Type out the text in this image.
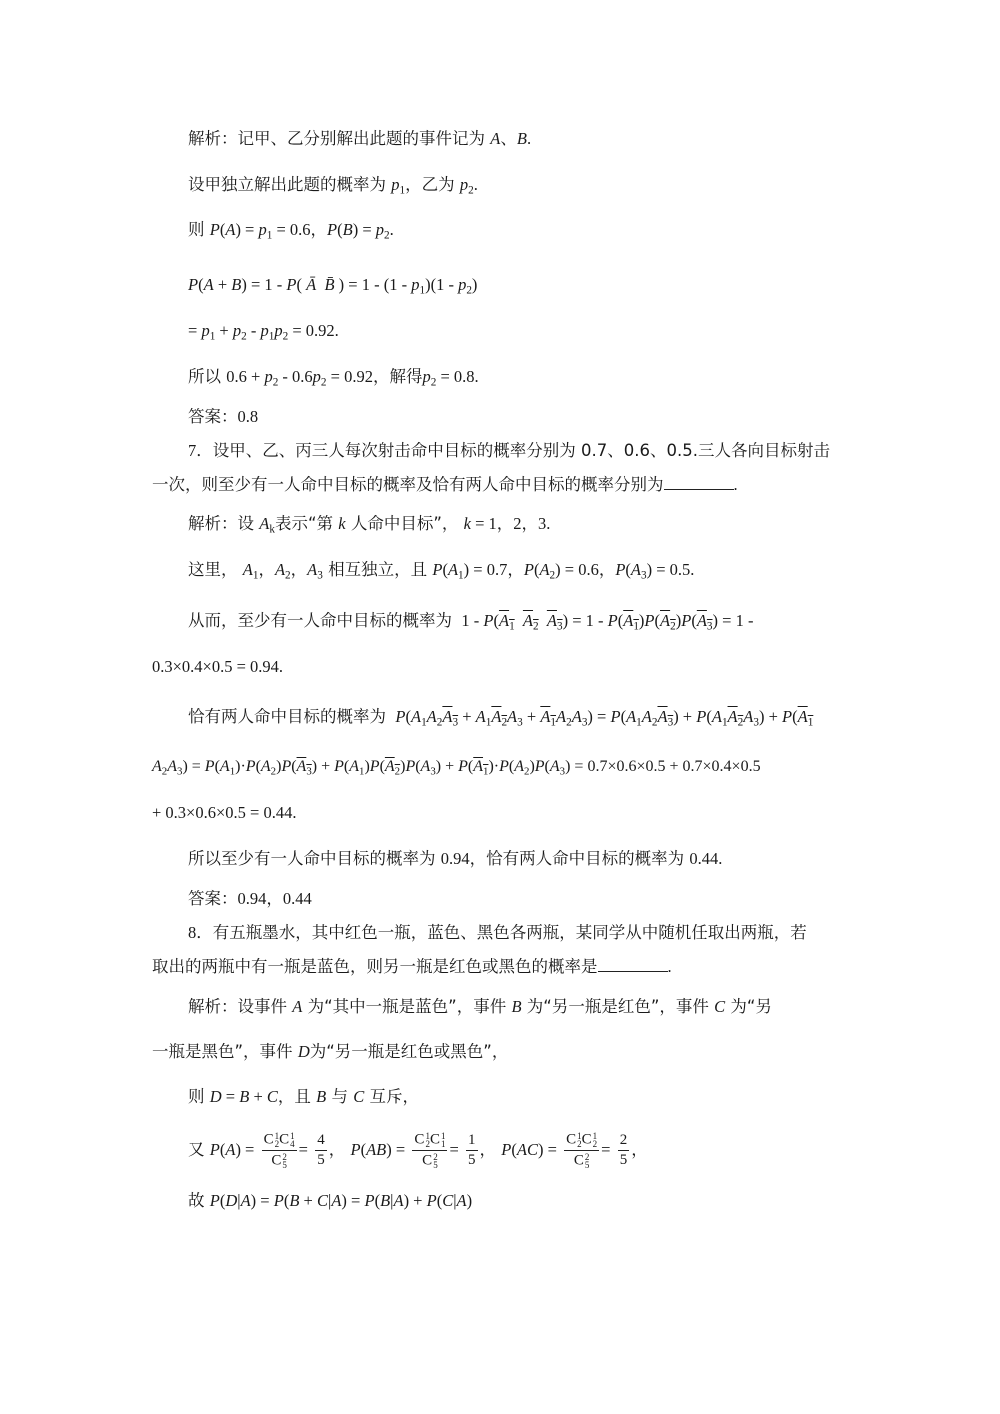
解析：记甲、乙分别解出此题的事件记为 A、B.
设甲独立解出此题的概率为 $p_1$，乙为 $p_2$.
则 $P(A) = p_1 = 0.6$，$P(B) = p_2$.
P(A + B) = 1 - P( Ā B̄ ) = $1 - (1 - p_1)(1 - p_2)$
= $p_1 + p_2 - p_1p_2 = 0.92$.
所以 $0.6 + p_2 - 0.6p_2 = 0.92$，解得$p_2 = 0.8$.
答案：0.8
7．设甲、乙、丙三人每次射击命中目标的概率分别为 0.7、0.6、0.5.三人各向目标射击
一次，则至少有一人命中目标的概率及恰有两人命中目标的概率分别为	.
解析：设 $A_k$表示“第 k 人命中目标”， k = 1，2，3.
这里， $A_1$，$A_2$，$A_3$ 相互独立，且 $P(A_1) = 0.7$，$P(A_2) = 0.6$，$P(A_3) = 0.5$.
从而，至少有一人命中目标的概率为  $1 - P(A_1$ $A_2$ $A_3) = 1 - P(A_1)P(A_2)P(A_3) = 1$ -
0.3×0.4×0.5 = 0.94.
恰有两人命中目标的概率为 $P(A_1A_2A_3 + A_1A_2A_3 + A_1A_2A_3) = P(A_1A_2A_3) + P(A_1A_2A_3) + P(A_1$
$A_2A_3) = P(A_1)\cdot P(A_2)P(A_3) + P(A_1)P(A_2)P(A_3) + P(A_1)\cdot P(A_2)P(A_3) = 0.7\times 0.6\times 0.5 + 0.7\times 0.4\times 0.5$
+ 0.3×0.6×0.5 = 0.44.
所以至少有一人命中目标的概率为 0.94，恰有两人命中目标的概率为 0.44.
答案：0.94，0.44
8．有五瓶墨水，其中红色一瓶，蓝色、黑色各两瓶，某同学从中随机任取出两瓶，若
取出的两瓶中有一瓶是蓝色，则另一瓶是红色或黑色的概率是	.
解析：设事件 A 为“其中一瓶是蓝色”，事件 B 为“另一瓶是红色”，事件 C 为“另
一瓶是黑色”，事件 D为“另一瓶是红色或黑色”，
则 D = B + C，且 B 与 C 互斥，
又 P(A) = C 1
2 C 1
4
C 2
$5 = \frac{4}{5}$ ， P(AB) = C 1
2 C 1
1
C 2
$5 = \frac{1}{5}$ ， P(AC) = C 1
2 C 1
2
C 2
$5 = \frac{2}{5}$ ，
故 P(D|A) = P(B + C|A) = P(B|A) + P(C|A)
